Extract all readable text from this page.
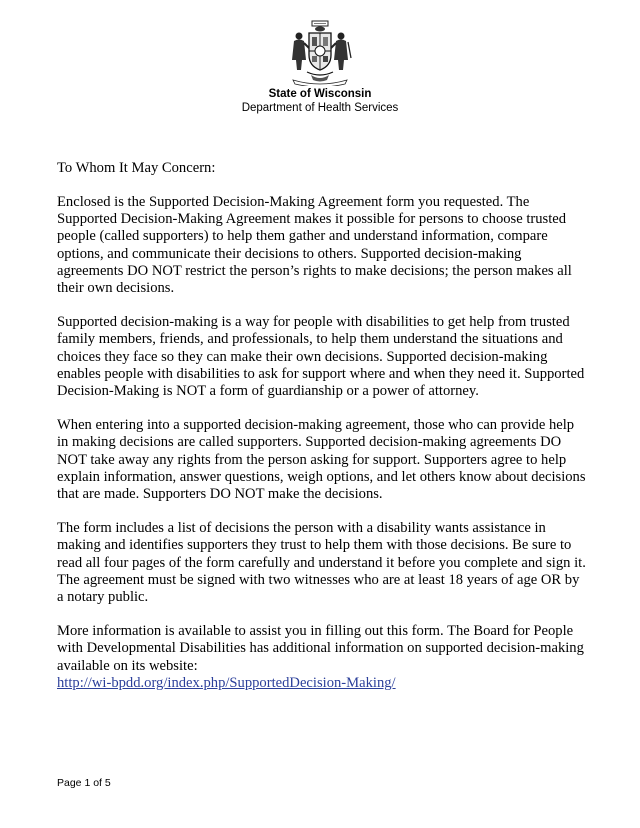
State of Wisconsin
Department of Health Services

To Whom It May Concern:

Enclosed is the Supported Decision-Making Agreement form you requested. The Supported Decision-Making Agreement makes it possible for persons to choose trusted people (called supporters) to help them gather and understand information, compare options, and communicate their decisions to others. Supported decision-making agreements DO NOT restrict the person’s rights to make decisions; the person makes all their own decisions.

Supported decision-making is a way for people with disabilities to get help from trusted family members, friends, and professionals, to help them understand the situations and choices they face so they can make their own decisions. Supported decision-making enables people with disabilities to ask for support where and when they need it. Supported Decision-Making is NOT a form of guardianship or a power of attorney.

When entering into a supported decision-making agreement, those who can provide help in making decisions are called supporters. Supported decision-making agreements DO NOT take away any rights from the person asking for support. Supporters agree to help explain information, answer questions, weigh options, and let others know about decisions that are made. Supporters DO NOT make the decisions.

The form includes a list of decisions the person with a disability wants assistance in making and identifies supporters they trust to help them with those decisions. Be sure to read all four pages of the form carefully and understand it before you complete and sign it. The agreement must be signed with two witnesses who are at least 18 years of age OR by a notary public.

More information is available to assist you in filling out this form. The Board for People with Developmental Disabilities has additional information on supported decision-making available on its website:
http://wi-bpdd.org/index.php/SupportedDecision-Making/

Page 1 of 5
